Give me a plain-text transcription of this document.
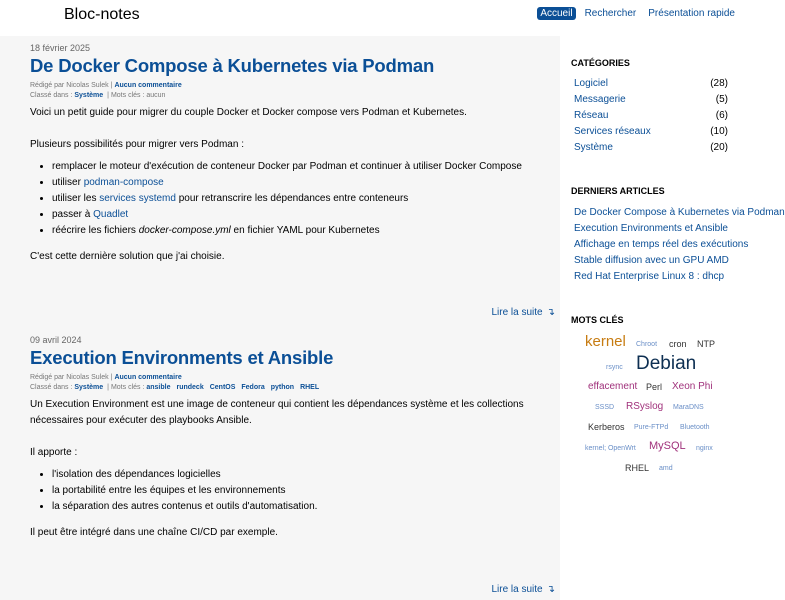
Bloc-notes	Accueil	Rechercher	Présentation rapide
18 février 2025
De Docker Compose à Kubernetes via Podman
Rédigé par Nicolas Sulek | Aucun commentaire
Classé dans : Système | Mots clés : aucun
Voici un petit guide pour migrer du couple Docker et Docker compose vers Podman et Kubernetes.
Plusieurs possibilités pour migrer vers Podman :
• remplacer le moteur d'exécution de conteneur Docker par Podman et continuer à utiliser Docker Compose
• utiliser podman-compose
• utiliser les services systemd pour retranscrire les dépendances entre conteneurs
• passer à Quadlet
• réécrire les fichiers docker-compose.yml en fichier YAML pour Kubernetes
C'est cette dernière solution que j'ai choisie.
Lire la suite ↴
09 avril 2024
Execution Environments et Ansible
Rédigé par Nicolas Sulek | Aucun commentaire
Classé dans : Système | Mots clés : ansible rundeck CentOS Fedora python RHEL
Un Execution Environment est une image de conteneur qui contient les dépendances système et les collections nécessaires pour exécuter des playbooks Ansible.
Il apporte :
• l'isolation des dépendances logicielles
• la portabilité entre les équipes et les environnements
• la séparation des autres contenus et outils d'automatisation.
Il peut être intégré dans une chaîne CI/CD par exemple.
Lire la suite ↴
CATÉGORIES
Logiciel	(28)
Messagerie	(5)
Réseau	(6)
Services réseaux	(10)
Système	(20)
DERNIERS ARTICLES
De Docker Compose à Kubernetes via Podman
Execution Environments et Ansible
Affichage en temps réel des exécutions
Stable diffusion avec un GPU AMD
Red Hat Enterprise Linux 8 : dhcp
MOTS CLÉS
kernel Chroot cron NTP
rsync Debian
effacement Perl Xeon Phi
SSSD RSyslog MaraDNS
Kerberos Pure-FTPd Bluetooth
kernel; OpenWrt MySQL nginx
RHEL amd
